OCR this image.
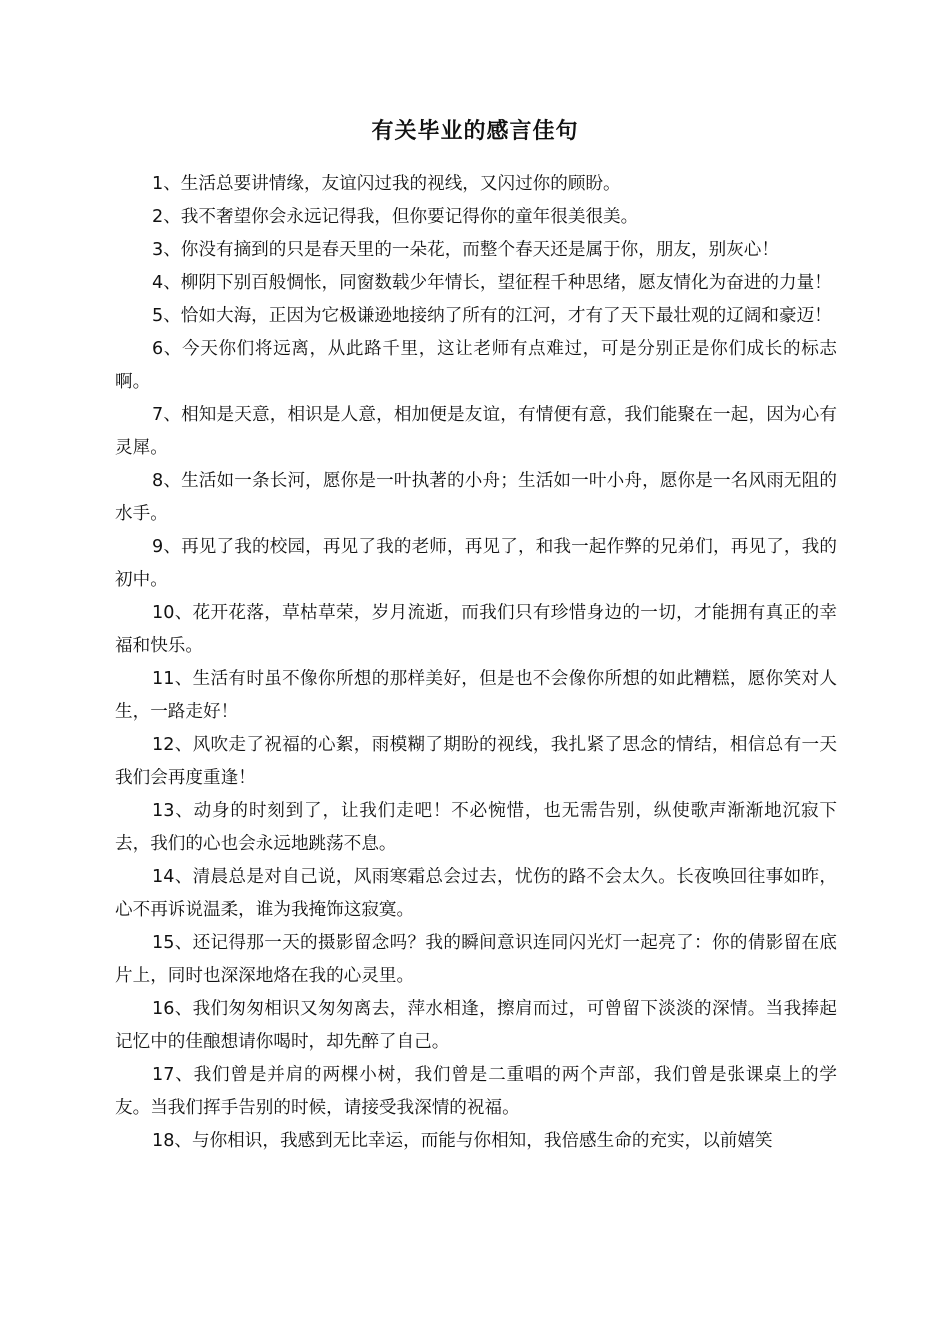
有关毕业的感言佳句

1、生活总要讲情缘，友谊闪过我的视线，又闪过你的顾盼。

2、我不奢望你会永远记得我，但你要记得你的童年很美很美。

3、你没有摘到的只是春天里的一朵花，而整个春天还是属于你，朋友，别灰心！

4、柳阴下别百般惆怅，同窗数载少年情长，望征程千种思绪，愿友情化为奋进的力量！

5、恰如大海，正因为它极谦逊地接纳了所有的江河，才有了天下最壮观的辽阔和豪迈！

6、今天你们将远离，从此路千里，这让老师有点难过，可是分别正是你们成长的标志啊。

7、相知是天意，相识是人意，相加便是友谊，有情便有意，我们能聚在一起，因为心有灵犀。

8、生活如一条长河，愿你是一叶执著的小舟；生活如一叶小舟，愿你是一名风雨无阻的水手。

9、再见了我的校园，再见了我的老师，再见了，和我一起作弊的兄弟们，再见了，我的初中。

10、花开花落，草枯草荣，岁月流逝，而我们只有珍惜身边的一切，才能拥有真正的幸福和快乐。

11、生活有时虽不像你所想的那样美好，但是也不会像你所想的如此糟糕，愿你笑对人生，一路走好！

12、风吹走了祝福的心絮，雨模糊了期盼的视线，我扎紧了思念的情结，相信总有一天我们会再度重逢！

13、动身的时刻到了，让我们走吧！不必惋惜，也无需告别，纵使歌声渐渐地沉寂下去，我们的心也会永远地跳荡不息。

14、清晨总是对自己说，风雨寒霜总会过去，忧伤的路不会太久。长夜唤回往事如昨，心不再诉说温柔，谁为我掩饰这寂寞。

15、还记得那一天的摄影留念吗？我的瞬间意识连同闪光灯一起亮了：你的倩影留在底片上，同时也深深地烙在我的心灵里。

16、我们匆匆相识又匆匆离去，萍水相逢，擦肩而过，可曾留下淡淡的深情。当我捧起记忆中的佳酿想请你喝时，却先醉了自己。

17、我们曾是并肩的两棵小树，我们曾是二重唱的两个声部，我们曾是张课桌上的学友。当我们挥手告别的时候，请接受我深情的祝福。

18、与你相识，我感到无比幸运，而能与你相知，我倍感生命的充实，以前嬉笑
